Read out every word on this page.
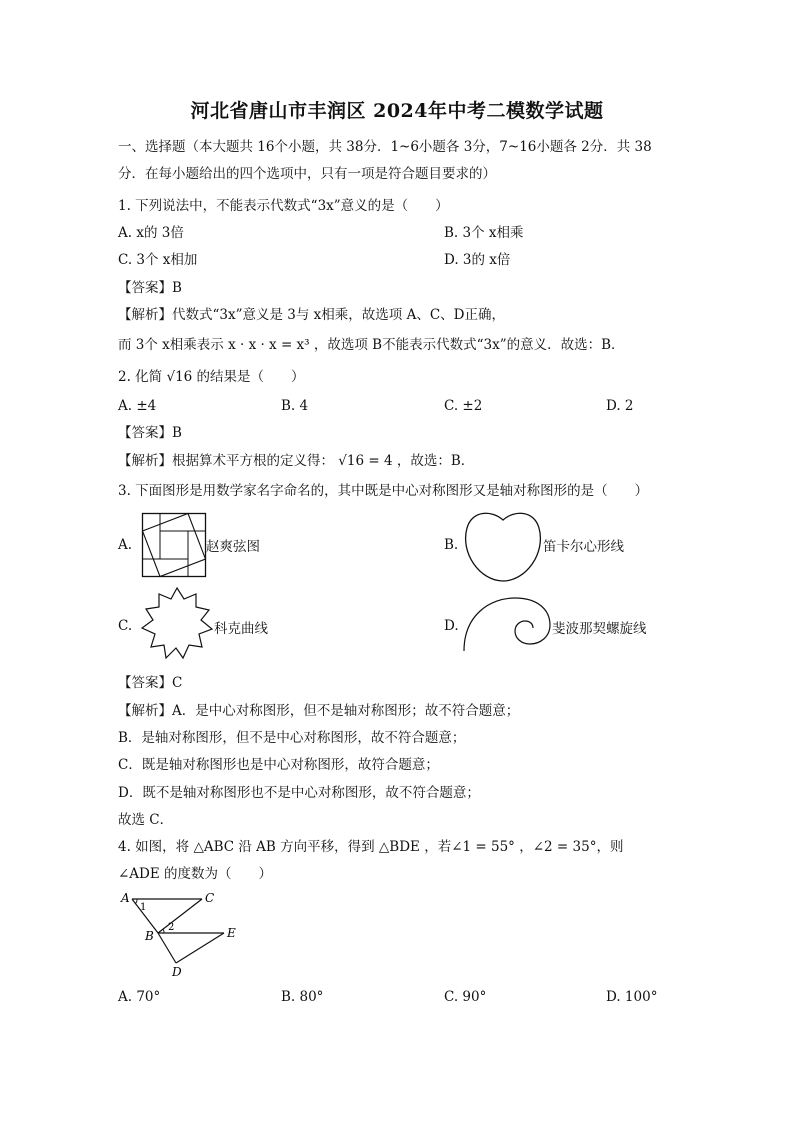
河北省唐山市丰润区 2024年中考二模数学试题
一、选择题（本大题共 16个小题，共 38分．1~6小题各 3分，7~16小题各 2分．共 38
分．在每小题给出的四个选项中，只有一项是符合题目要求的）
1. 下列说法中，不能表示代数式“3x”意义的是（　　）
A. x的 3倍	B. 3个 x相乘
C. 3个 x相加	D. 3的 x倍
【答案】B
【解析】代数式“3x”意义是 3与 x相乘，故选项 A、C、D正确，
而 3个 x相乘表示 x · x · x = x³ ，故选项 B不能表示代数式“3x”的意义．故选：B．
2. 化简 √16 的结果是（　　）
A. ±4	B. 4	C. ±2	D. 2
【答案】B
【解析】根据算术平方根的定义得： √16 = 4 ，故选：B．
3. 下面图形是用数学家名字命名的，其中既是中心对称图形又是轴对称图形的是（　　）
A.	赵爽弦图	B.	笛卡尔心形线
C.	科克曲线	D.	斐波那契螺旋线
【答案】C
【解析】A．是中心对称图形，但不是轴对称图形；故不符合题意；
B．是轴对称图形，但不是中心对称图形，故不符合题意；
C．既是轴对称图形也是中心对称图形，故符合题意；
D．既不是轴对称图形也不是中心对称图形，故不符合题意；
故选 C．
4. 如图，将 △ABC 沿 AB 方向平移，得到 △BDE ，若∠1 = 55° ，∠2 = 35°，则
∠ADE 的度数为（　　）
A	C
B	E
D
1
2
A. 70°	B. 80°	C. 90°	D. 100°
